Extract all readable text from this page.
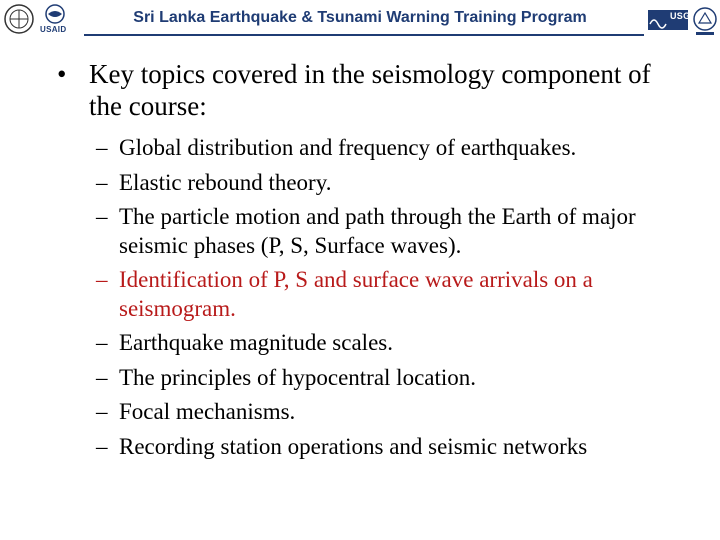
Sri Lanka Earthquake & Tsunami Warning Training Program
USAID
USGS
• Key topics covered in the seismology component of the course:
– Global distribution and frequency of earthquakes.
– Elastic rebound theory.
– The particle motion and path through the Earth of major seismic phases (P, S, Surface waves).
– Identification of P, S and surface wave arrivals on a seismogram.
– Earthquake magnitude scales.
– The principles of hypocentral location.
– Focal mechanisms.
– Recording station operations and seismic networks
